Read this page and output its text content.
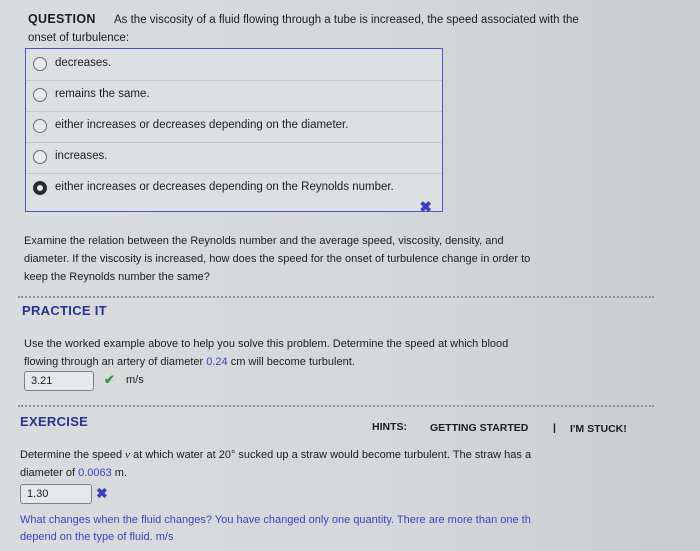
QUESTION As the viscosity of a fluid flowing through a tube is increased, the speed associated with the
onset of turbulence:
decreases.
remains the same.
either increases or decreases depending on the diameter.
increases.
either increases or decreases depending on the Reynolds number.
✖
Examine the relation between the Reynolds number and the average speed, viscosity, density, and
diameter. If the viscosity is increased, how does the speed for the onset of turbulence change in order to
keep the Reynolds number the same?
PRACTICE IT
Use the worked example above to help you solve this problem. Determine the speed at which blood
flowing through an artery of diameter 0.24 cm will become turbulent.
3.21	✔ m/s
EXERCISE	HINTS: GETTING STARTED | I'M STUCK!
Determine the speed v at which water at 20° sucked up a straw would become turbulent. The straw has a
diameter of 0.0063 m.
1.30	✖
What changes when the fluid changes? You have changed only one quantity. There are more than one th
depend on the type of fluid. m/s
